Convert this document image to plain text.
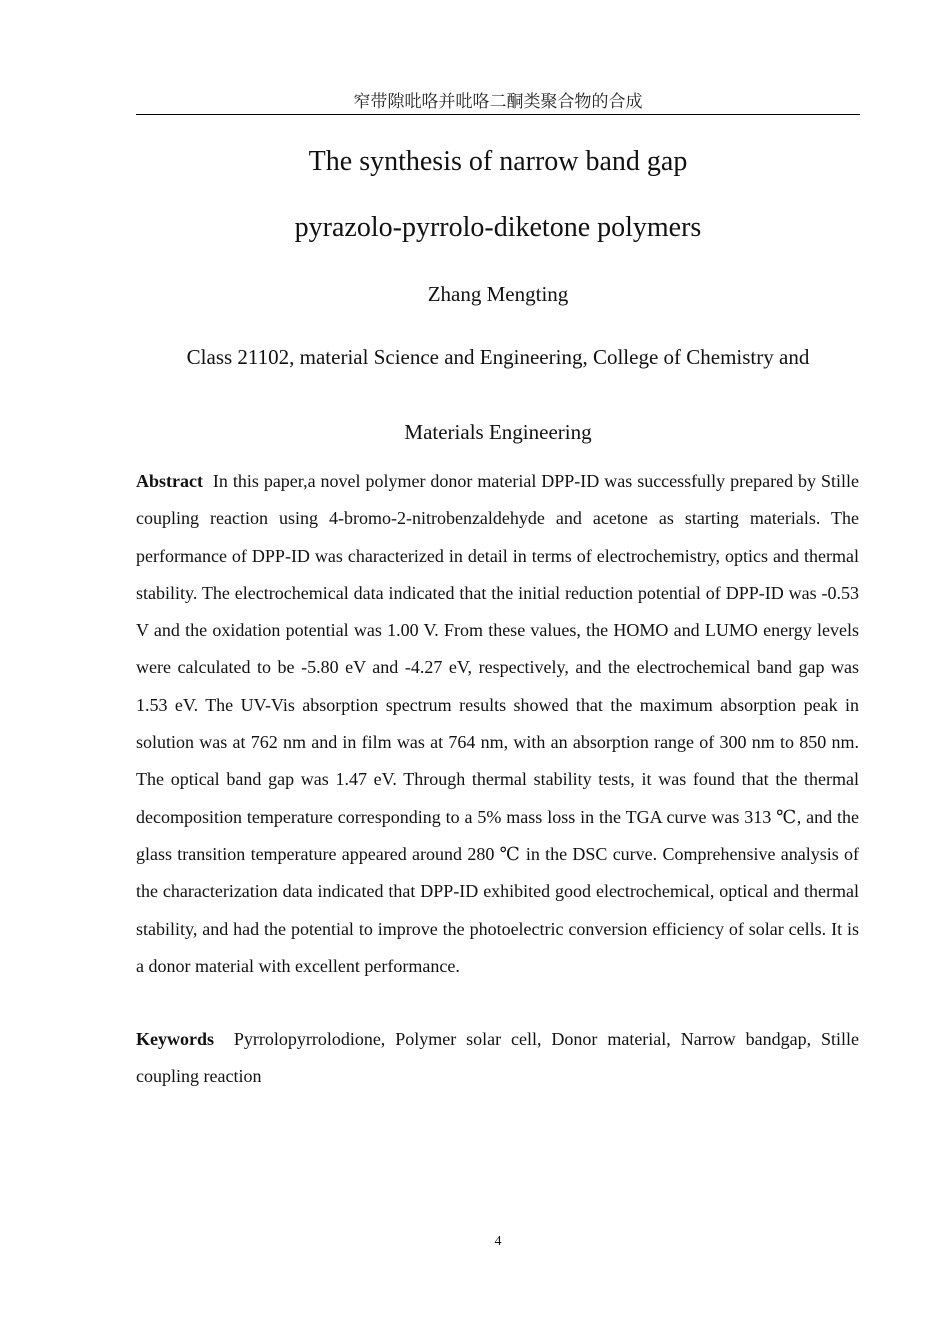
窄带隙吡咯并吡咯二酮类聚合物的合成
The synthesis of narrow band gap
pyrazolo-pyrrolo-diketone polymers
Zhang Mengting
Class 21102, material Science and Engineering, College of Chemistry and
Materials Engineering
Abstract In this paper,a novel polymer donor material DPP-ID was successfully prepared by Stille coupling reaction using 4-bromo-2-nitrobenzaldehyde and acetone as starting materials. The performance of DPP-ID was characterized in detail in terms of electrochemistry, optics and thermal stability. The electrochemical data indicated that the initial reduction potential of DPP-ID was -0.53 V and the oxidation potential was 1.00 V. From these values, the HOMO and LUMO energy levels were calculated to be -5.80 eV and -4.27 eV, respectively, and the electrochemical band gap was 1.53 eV. The UV-Vis absorption spectrum results showed that the maximum absorption peak in solution was at 762 nm and in film was at 764 nm, with an absorption range of 300 nm to 850 nm. The optical band gap was 1.47 eV. Through thermal stability tests, it was found that the thermal decomposition temperature corresponding to a 5% mass loss in the TGA curve was 313 ℃, and the glass transition temperature appeared around 280 ℃ in the DSC curve. Comprehensive analysis of the characterization data indicated that DPP-ID exhibited good electrochemical, optical and thermal stability, and had the potential to improve the photoelectric conversion efficiency of solar cells. It is a donor material with excellent performance.
Keywords Pyrrolopyrrolodione, Polymer solar cell, Donor material, Narrow bandgap, Stille coupling reaction
4
